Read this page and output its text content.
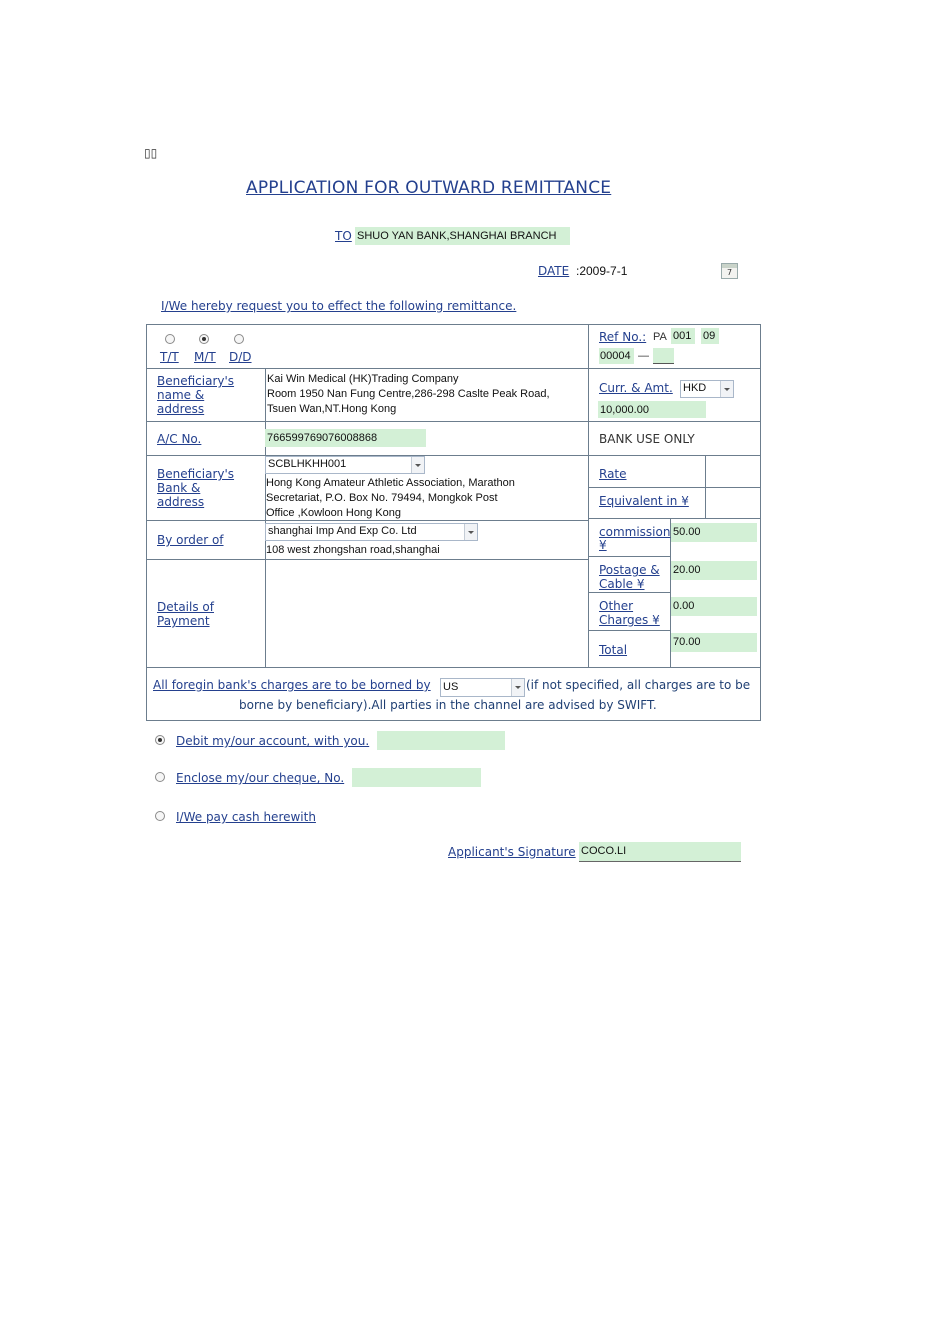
▯▯
APPLICATION FOR OUTWARD REMITTANCE
TO SHUO YAN BANK,SHANGHAI BRANCH
DATE :2009-7-1	7
I/We hereby request you to effect the following remittance.
T/T M/T D/D
Ref No.: PA 001 09
00004 —
Beneficiary's name & address
Kai Win Medical (HK)Trading Company
Room 1950 Nan Fung Centre,286-298 Caslte Peak Road,
Tsuen Wan,NT.Hong Kong
Curr. & Amt. HKD
10,000.00
A/C No.	766599769076008868	BANK USE ONLY
Beneficiary's Bank & address
SCBLHKHH001
Hong Kong Amateur Athletic Association, Marathon
Secretariat, P.O. Box No. 79494, Mongkok Post
Office ,Kowloon Hong Kong
Rate
Equivalent in ¥
By order of
shanghai Imp And Exp Co. Ltd
108 west zhongshan road,shanghai
commission ¥
50.00
Postage & Cable ¥
20.00
Other Charges ¥
0.00
Total
70.00
Details of Payment
All foregin bank's charges are to be borned by US	(if not specified, all charges are to be
borne by beneficiary).All parties in the channel are advised by SWIFT.
Debit my/our account, with you.
Enclose my/our cheque, No.
I/We pay cash herewith
Applicant's Signature COCO.LI
